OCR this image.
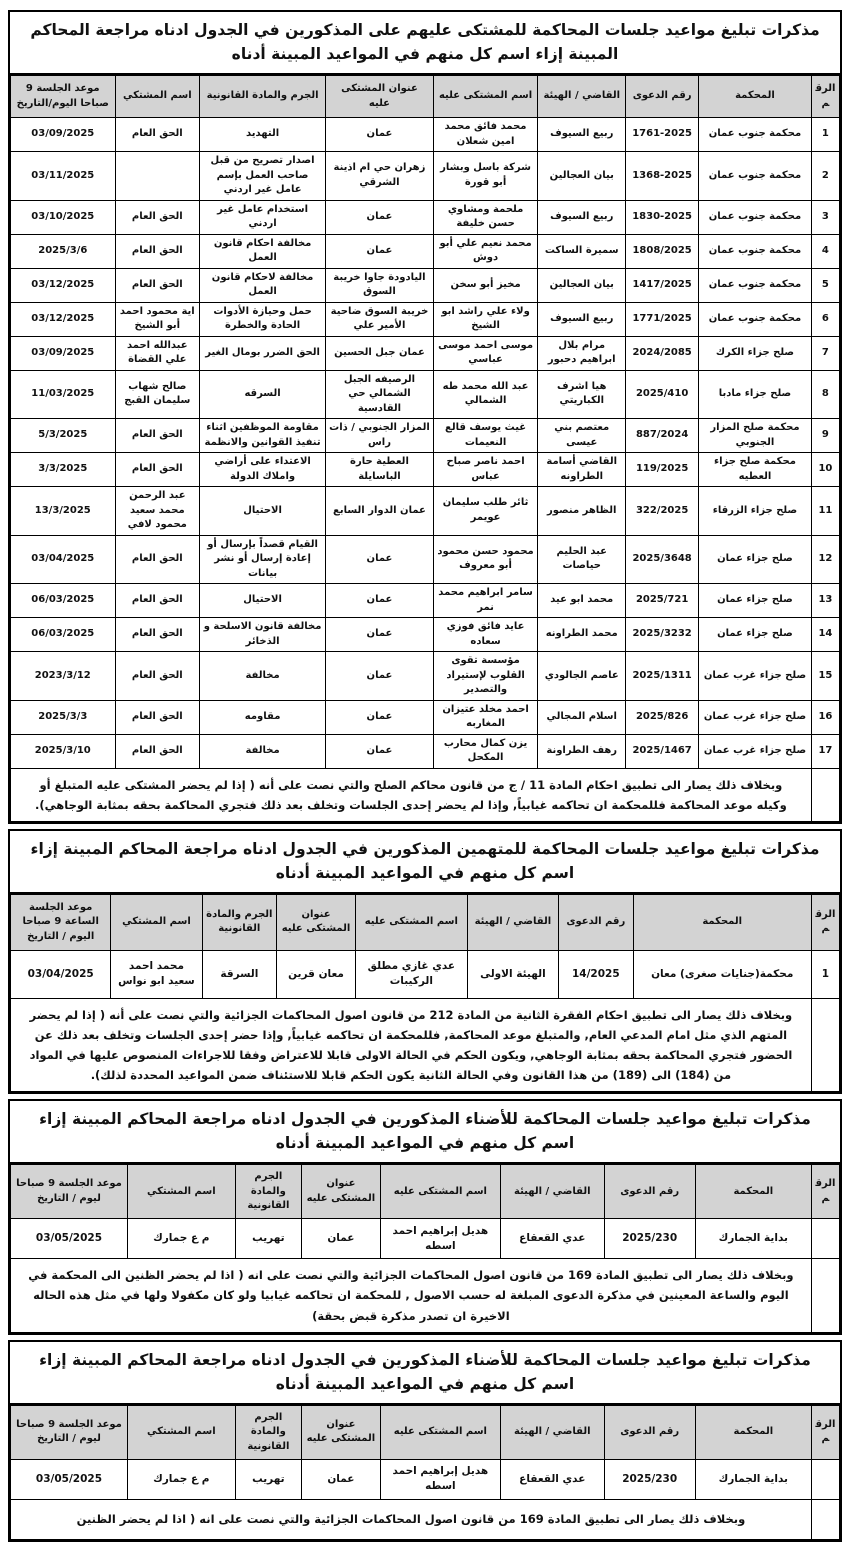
مذكرات تبليغ مواعيد جلسات المحاكمة للمشتكى عليهم على المذكورين في الجدول ادناه مراجعة المحاكم المبينة إزاء اسم كل منهم في المواعيد المبينة أدناه
الرقم	المحكمة	رقم الدعوى	القاضي / الهيئة	اسم المشتكى عليه	عنوان المشتكى عليه	الجرم والمادة القانونية	اسم المشتكي	موعد الجلسة 9 صباحا اليوم/التاريخ
1	محكمة جنوب عمان	1761-2025	ربيع السيوف	محمد فائق محمد امين شعلان	عمان	التهديد	الحق العام	03/09/2025
2	محكمة جنوب عمان	1368-2025	بيان العجالين	شركة باسل وبشار أبو قورة	زهران حي ام اذينة الشرقي	اصدار تصريح من قبل صاحب العمل بإسم عامل غير اردني		03/11/2025
3	محكمة جنوب عمان	1830-2025	ربيع السيوف	ملحمة ومشاوي حسن خليفة	عمان	استخدام عامل غير اردني	الحق العام	03/10/2025
4	محكمة جنوب عمان	1808/2025	سميرة الساكت	محمد نعيم علي أبو دوش	عمان	مخالفة احكام قانون العمل	الحق العام	2025/3/6
5	محكمة جنوب عمان	1417/2025	بيان العجالين	مخيز أبو سخن	اليادودة جاوا خريبة السوق	مخالفة لاحكام قانون العمل	الحق العام	03/12/2025
6	محكمة جنوب عمان	1771/2025	ربيع السيوف	ولاء علي راشد ابو الشيخ	خريبة السوق ضاحية الأمير علي	حمل وحيازة الأدوات الحادة والخطرة	اية محمود احمد أبو الشيخ	03/12/2025
7	صلح جزاء الكرك	2024/2085	مرام بلال ابراهيم دحبور	موسى احمد موسى عباسي	عمان جبل الحسين	الحق الضرر بومال الغير	عبدالله احمد علي القضاة	03/09/2025
8	صلح جزاء مادبا	2025/410	هيا اشرف الكباريتي	عبد الله محمد طه الشمالي	الرصيفه الجبل الشمالي حي القادسية	السرقه	صالح شهاب سليمان القبج	11/03/2025
9	محكمة صلح المزار الجنوبي	887/2024	معتصم بني عيسى	غيث يوسف قالع النعيمات	المزار الجنوبي / ذات راس	مقاومة الموظفين اثناء تنفيذ القوانين والانظمة	الحق العام	5/3/2025
10	محكمة صلح جزاء العطيه	119/2025	القاضي أسامة الطراونه	احمد ناصر صباح عباس	العطية حارة الباسايلة	الاعتداء على أراضي واملاك الدولة	الحق العام	3/3/2025
11	صلح جزاء الزرقاء	322/2025	الظاهر منصور	ثائر طلب سليمان عويمر	عمان الدوار السابع	الاحتيال	عبد الرحمن محمد سعيد محمود لافي	13/3/2025
12	صلح جزاء عمان	2025/3648	عبد الحليم حياصات	محمود حسن محمود أبو معروف	عمان	القيام قصداً بإرسال أو إعادة إرسال أو نشر بيانات	الحق العام	03/04/2025
13	صلح جزاء عمان	2025/721	محمد ابو عيد	سامر ابراهيم محمد نمر	عمان	الاحتيال	الحق العام	06/03/2025
14	صلح جزاء عمان	2025/3232	محمد الطراونه	عايد فائق فوزي سعاده	عمان	مخالفة قانون الاسلحة و الذخائر	الحق العام	06/03/2025
15	صلح جزاء غرب عمان	2025/1311	عاصم الجالودي	مؤسسة تقوى القلوب لإستيراد والتصدير	عمان	مخالفة	الحق العام	2023/3/12
16	صلح جزاء غرب عمان	2025/826	اسلام المجالي	احمد مخلد عتيزان المغاربه	عمان	مقاومه	الحق العام	2025/3/3
17	صلح جزاء غرب عمان	2025/1467	رهف الطراونة	يزن كمال محارب المكحل	عمان	مخالفة	الحق العام	2025/3/10
	وبخلاف ذلك يصار الى تطبيق احكام المادة 11 / ج من قانون محاكم الصلح والتي نصت على أنه ( إذا لم يحضر المشتكى عليه المتبلغ أو وكيله موعد المحاكمة فللمحكمة ان تحاكمه غيابياً, وإذا لم يحضر إحدى الجلسات وتخلف بعد ذلك فتجري المحاكمة بحقه بمثابة الوجاهي).							
مذكرات تبليغ مواعيد جلسات المحاكمة للمتهمين المذكورين في الجدول ادناه مراجعة المحاكم المبينة إزاء اسم كل منهم في المواعيد المبينة أدناه
الرقم	المحكمة	رقم الدعوى	القاضي / الهيئة	اسم المشتكى عليه	عنوان المشتكى عليه	الجرم والمادة القانونية	اسم المشتكي	موعد الجلسة الساعة 9 صباحا اليوم / التاريخ
1	محكمة(جنايات صغرى) معان	14/2025	الهيئة الاولى	عدي غازي مطلق الركيبات	معان قرين	السرقة	محمد احمد سعيد ابو نواس	03/04/2025
	وبخلاف ذلك يصار الى تطبيق احكام الفقرة الثانية من المادة 212 من قانون اصول المحاكمات الجزائية والتي نصت على أنه ( إذا لم يحضر المتهم الذي مثل امام المدعي العام, والمتبلغ موعد المحاكمة, فللمحكمة ان تحاكمه غيابياً, وإذا حضر إحدى الجلسات وتخلف بعد ذلك عن الحضور فتجري المحاكمة بحقه بمثابة الوجاهي, ويكون الحكم في الحالة الاولى قابلا للاعتراض وفقا للاجراءات المنصوص عليها في المواد من (184) الى (189) من هذا القانون وفي الحالة الثانية يكون الحكم قابلا للاستئناف ضمن المواعيد المحددة لذلك).							
مذكرات تبليغ مواعيد جلسات المحاكمة للأضناء المذكورين في الجدول ادناه مراجعة المحاكم المبينة إزاء اسم كل منهم في المواعيد المبينة أدناه
الرقم	المحكمة	رقم الدعوى	القاضي / الهيئة	اسم المشتكى عليه	عنوان المشتكى عليه	الجرم والمادة القانونية	اسم المشتكي	موعد الجلسة 9 صباحا ليوم / التاريخ
	بداية الجمارك	2025/230	عدي القعقاع	هديل إبراهيم احمد اسطه	عمان	تهريب	م ع جمارك	03/05/2025
	وبخلاف ذلك يصار الى تطبيق المادة 169 من قانون اصول المحاكمات الجزائية والتي نصت على انه ( اذا لم يحضر الظنين الى المحكمة في اليوم والساعة المعينين في مذكرة الدعوى المبلغة له حسب الاصول , للمحكمة ان تحاكمه غيابيا ولو كان مكفولا ولها في مثل هذه الحاله الاخيرة ان تصدر مذكرة قبض بحقة)							
مذكرات تبليغ مواعيد جلسات المحاكمة للأضناء المذكورين في الجدول ادناه مراجعة المحاكم المبينة إزاء اسم كل منهم في المواعيد المبينة أدناه
الرقم	المحكمة	رقم الدعوى	القاضي / الهيئة	اسم المشتكى عليه	عنوان المشتكى عليه	الجرم والمادة القانونية	اسم المشتكي	موعد الجلسة 9 صباحا ليوم / التاريخ
	بداية الجمارك	2025/230	عدي القعقاع	هديل إبراهيم احمد اسطه	عمان	تهريب	م ع جمارك	03/05/2025
	وبخلاف ذلك يصار الى تطبيق المادة 169 من قانون اصول المحاكمات الجزائية والتي نصت على انه ( اذا لم يحضر الظنين							
